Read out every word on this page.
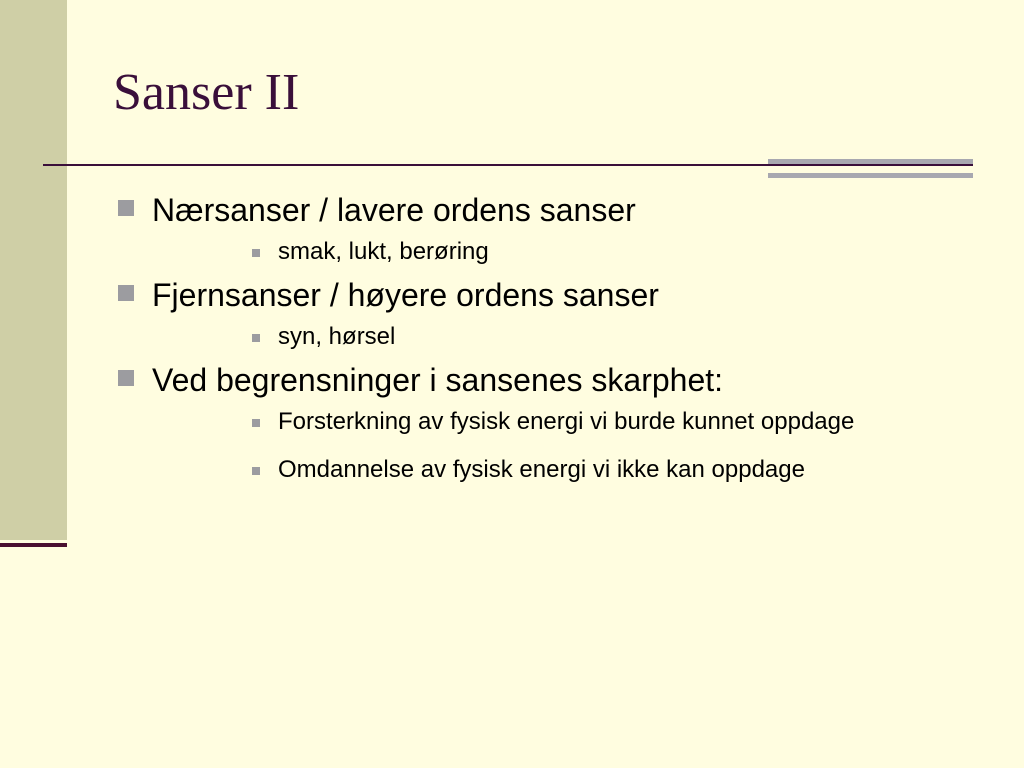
Sanser II
Nærsanser / lavere ordens sanser
smak, lukt, berøring
Fjernsanser / høyere ordens sanser
syn, hørsel
Ved begrensninger i sansenes skarphet:
Forsterkning av fysisk energi vi burde kunnet oppdage
Omdannelse av fysisk energi vi ikke kan oppdage
